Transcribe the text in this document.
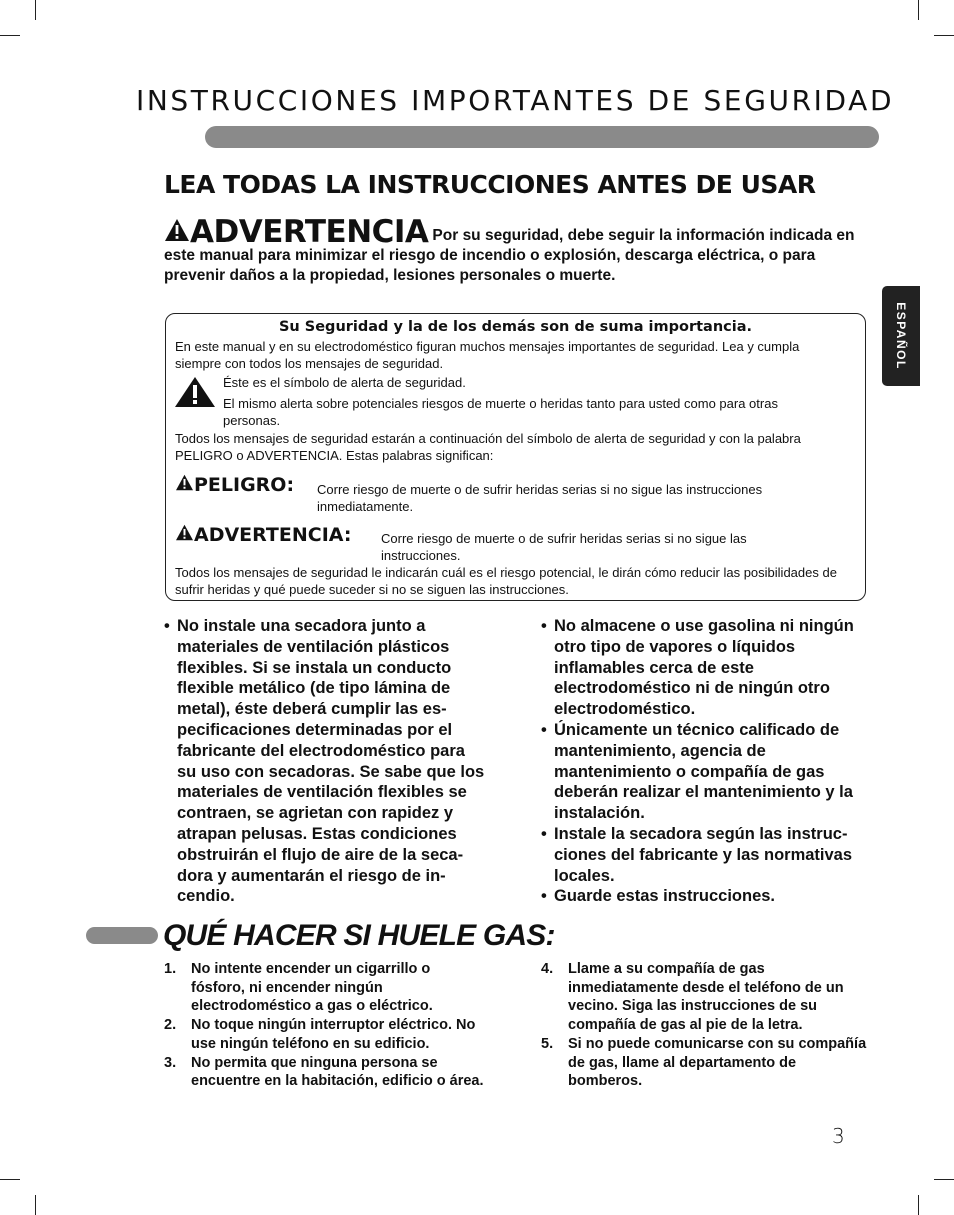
INSTRUCCIONES IMPORTANTES DE SEGURIDAD
ESPAÑOL
LEA TODAS LA INSTRUCCIONES ANTES DE USAR
ADVERTENCIA Por su seguridad, debe seguir la información indicada en este manual para minimizar el riesgo de incendio o explosión, descarga eléctrica, o para prevenir daños a la propiedad, lesiones personales o muerte.
Su Seguridad y la de los demás son de suma importancia.

En este manual y en su electrodoméstico figuran muchos mensajes importantes de seguridad. Lea y cumpla siempre con todos los mensajes de seguridad.

Éste es el símbolo de alerta de seguridad.

El mismo alerta sobre potenciales riesgos de muerte o heridas tanto para usted como para otras personas.

Todos los mensajes de seguridad estarán a continuación del símbolo de alerta de seguridad y con la palabra PELIGRO o ADVERTENCIA. Estas palabras significan:

PELIGRO: Corre riesgo de muerte o de sufrir heridas serias si no sigue las instrucciones inmediatamente.

ADVERTENCIA: Corre riesgo de muerte o de sufrir heridas serias si no sigue las instrucciones.

Todos los mensajes de seguridad le indicarán cuál es el riesgo potencial, le dirán cómo reducir las posibilidades de sufrir heridas y qué puede suceder si no se siguen las instrucciones.

• No instale una secadora junto a materiales de ventilación plásticos flexibles. Si se instala un conducto flexible metálico (de tipo lámina de metal), éste deberá cumplir las es-pecificaciones determinadas por el fabricante del electrodoméstico para su uso con secadoras. Se sabe que los materiales de ventilación flexibles se contraen, se agrietan con rapidez y atrapan pelusas. Estas condiciones obstruirán el flujo de aire de la seca-dora y aumentarán el riesgo de in-cendio.
• No almacene o use gasolina ni ningún otro tipo de vapores o líquidos inflamables cerca de este electrodoméstico ni de ningún otro electrodoméstico.
• Únicamente un técnico calificado de mantenimiento, agencia de mantenimiento o compañía de gas deberán realizar el mantenimiento y la instalación.
• Instale la secadora según las instruc-ciones del fabricante y las normativas locales.
• Guarde estas instrucciones.
QUÉ HACER SI HUELE GAS:
1. No intente encender un cigarrillo o fósforo, ni encender ningún electrodoméstico a gas o eléctrico.
2. No toque ningún interruptor eléctrico. No use ningún teléfono en su edificio.
3. No permita que ninguna persona se encuentre en la habitación, edificio o área.
4. Llame a su compañía de gas inmediatamente desde el teléfono de un vecino. Siga las instrucciones de su compañía de gas al pie de la letra.
5. Si no puede comunicarse con su compañía de gas, llame al departamento de bomberos.
3
